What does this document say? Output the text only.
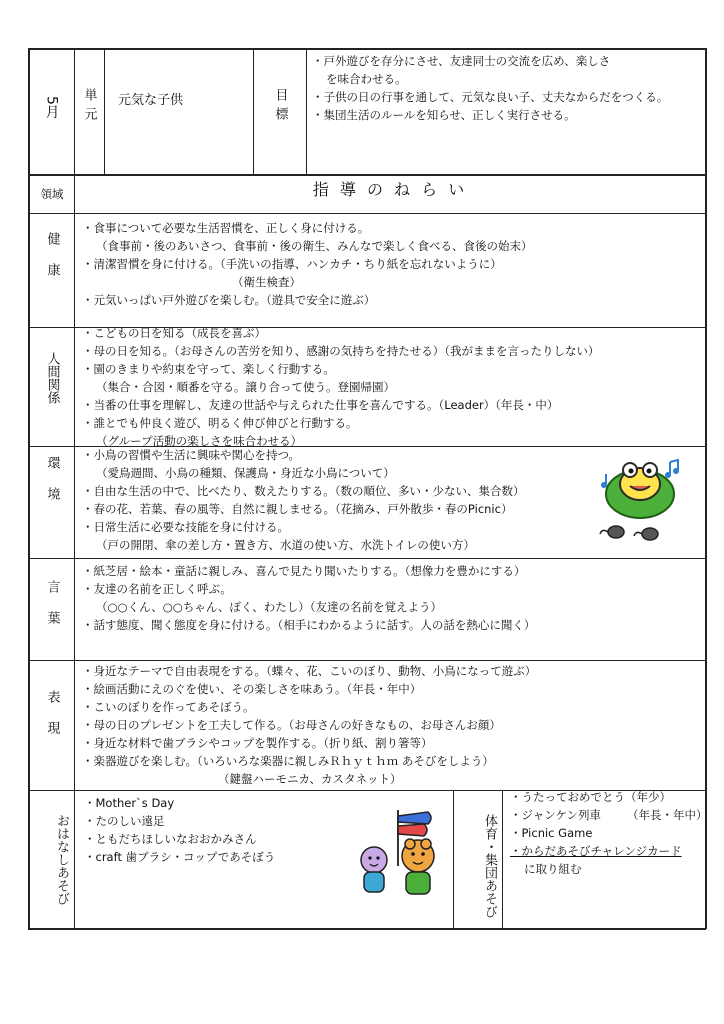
5月	単元	元気な子供	目標
・戸外遊びを存分にさせ、友達同士の交流を広め、楽しさ
を味合わせる。
・子供の日の行事を通して、元気な良い子、丈夫なからだをつくる。
・集団生活のルールを知らせ、正しく実行させる。
領域	指 導 の ね ら い
健康
・食事について必要な生活習慣を、正しく身に付ける。
（食事前・後のあいさつ、食事前・後の衛生、みんなで楽しく食べる、食後の始末）
・清潔習慣を身に付ける。（手洗いの指導、ハンカチ・ちり紙を忘れないように）
（衛生検査）
・元気いっぱい戸外遊びを楽しむ。（遊具で安全に遊ぶ）
人間関係
・こどもの日を知る（成長を喜ぶ）
・母の日を知る。（お母さんの苦労を知り、感謝の気持ちを持たせる）（我がままを言ったりしない）
・園のきまりや約束を守って、楽しく行動する。
（集合・合図・順番を守る。譲り合って使う。登園帰園）
・当番の仕事を理解し、友達の世話や与えられた仕事を喜んでする。（Leader）（年長・中）
・誰とでも仲良く遊び、明るく伸び伸びと行動する。
（グループ活動の楽しさを味合わせる）
環境
・小鳥の習慣や生活に興味や関心を持つ。
（愛鳥週間、小鳥の種類、保護鳥・身近な小鳥について）
・自由な生活の中で、比べたり、数えたりする。（数の順位、多い・少ない、集合数）
・春の花、若葉、春の風等、自然に親しませる。（花摘み、戸外散歩・春のPicnic）
・日常生活に必要な技能を身に付ける。
（戸の開閉、傘の差し方・置き方、水道の使い方、水洗トイレの使い方）
言葉
・紙芝居・絵本・童話に親しみ、喜んで見たり聞いたりする。（想像力を豊かにする）
・友達の名前を正しく呼ぶ。
（○○くん、○○ちゃん、ぼく、わたし）（友達の名前を覚えよう）
・話す態度、聞く態度を身に付ける。（相手にわかるように話す。人の話を熱心に聞く）
表現
・身近なテーマで自由表現をする。（蝶々、花、こいのぼり、動物、小鳥になって遊ぶ）
・絵画活動にえのぐを使い、その楽しさを味あう。（年長・年中）
・こいのぼりを作ってあそぼう。
・母の日のプレゼントを工夫して作る。（お母さんの好きなもの、お母さんお顔）
・身近な材料で歯ブラシやコップを製作する。（折り紙、割り箸等）
・楽器遊びを楽しむ。（いろいろな楽器に親しみＲｈｙｔｈｍ あそびをしよう）
（鍵盤ハーモニカ、カスタネット）
おはなしあそび
・Mother`s Day
・たのしい遠足
・ともだちほしいなおおかみさん
・craft 歯ブラシ・コップであそぼう	体育・集団あそび
・うたっておめでとう（年少）
・ジャンケン列車 （年長・年中）
・Picnic Game
・からだあそびチャレンジカード
に取り組む
